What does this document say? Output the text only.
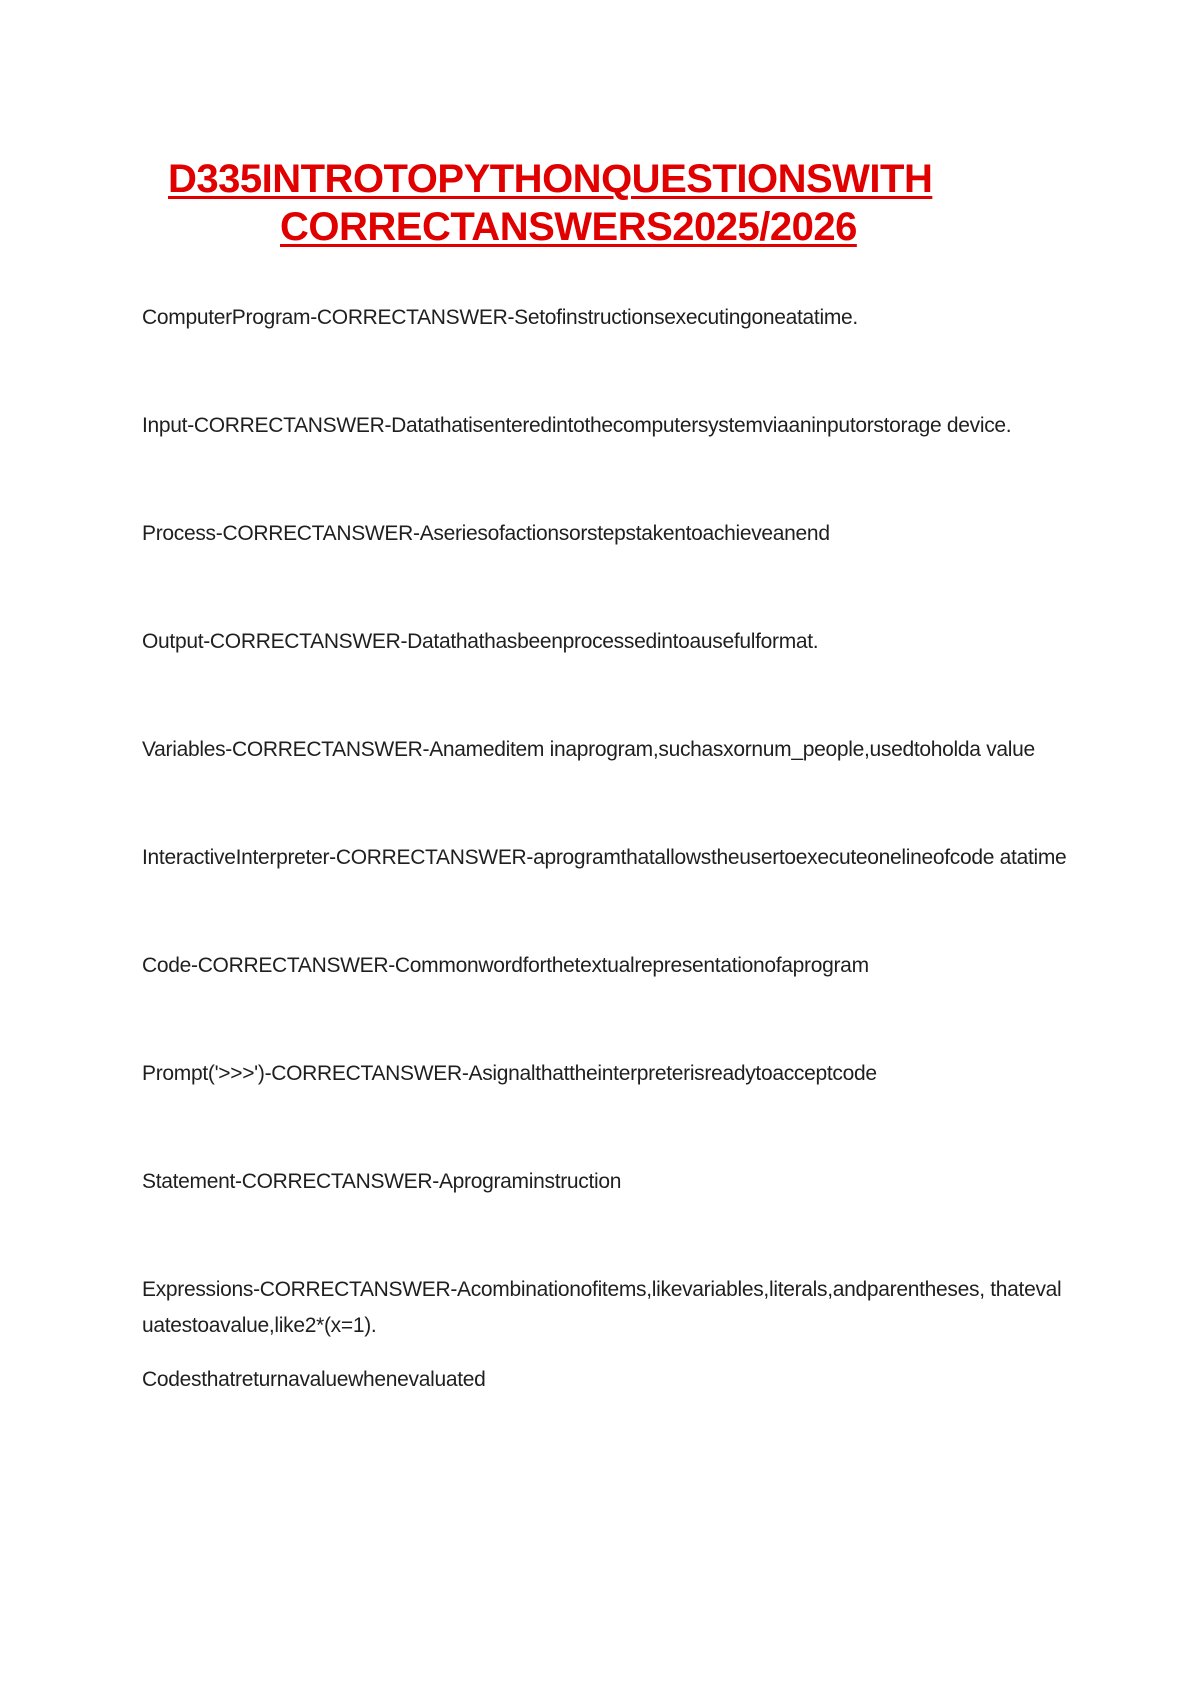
D335INTROTOPYTHONQUESTIONSWITH
CORRECTANSWERS2025/2026
ComputerProgram-CORRECTANSWER-Setofinstructionsexecutingoneatatime.
Input-CORRECTANSWER-Datathatisenteredintothecomputersystemviaaninputorstorage device.
Process-CORRECTANSWER-Aseriesofactionsorstepstakentoachieveanend
Output-CORRECTANSWER-Datathathasbeenprocessedintoausefulformat.
Variables-CORRECTANSWER-Anameditem inaprogram,suchasxornum_people,usedtoholda value
InteractiveInterpreter-CORRECTANSWER-aprogramthatallowstheusertoexecuteonelineofcode atatime
Code-CORRECTANSWER-Commonwordforthetextualrepresentationofaprogram
Prompt('>>>')-CORRECTANSWER-Asignalthattheinterpreterisreadytoacceptcode
Statement-CORRECTANSWER-Aprograminstruction
Expressions-CORRECTANSWER-Acombinationofitems,likevariables,literals,andparentheses, thatevaluatestoavalue,like2*(x=1).
Codesthatreturnavaluewhenevaluated
